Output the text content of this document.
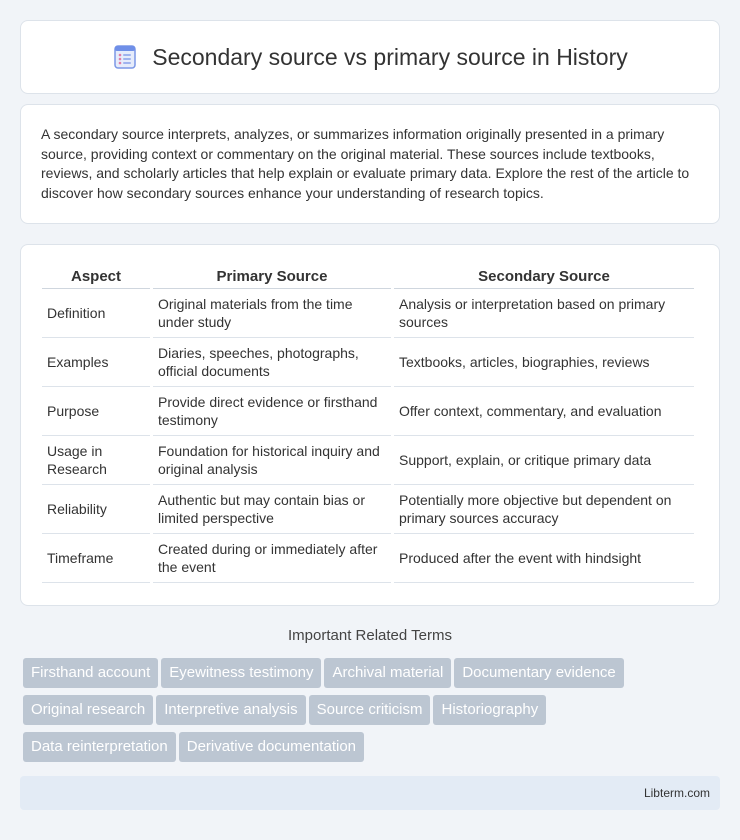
Secondary source vs primary source in History

A secondary source interprets, analyzes, or summarizes information originally presented in a primary source, providing context or commentary on the original material. These sources include textbooks, reviews, and scholarly articles that help explain or evaluate primary data. Explore the rest of the article to discover how secondary sources enhance your understanding of research topics.

Aspect	Primary Source	Secondary Source
Definition	Original materials from the time under study	Analysis or interpretation based on primary sources
Examples	Diaries, speeches, photographs, official documents	Textbooks, articles, biographies, reviews
Purpose	Provide direct evidence or firsthand testimony	Offer context, commentary, and evaluation
Usage in Research	Foundation for historical inquiry and original analysis	Support, explain, or critique primary data
Reliability	Authentic but may contain bias or limited perspective	Potentially more objective but dependent on primary sources accuracy
Timeframe	Created during or immediately after the event	Produced after the event with hindsight
Important Related Terms
Firsthand account Eyewitness testimony Archival material Documentary evidence
Original research Interpretive analysis Source criticism Historiography
Data reinterpretation Derivative documentation
Libterm.com
